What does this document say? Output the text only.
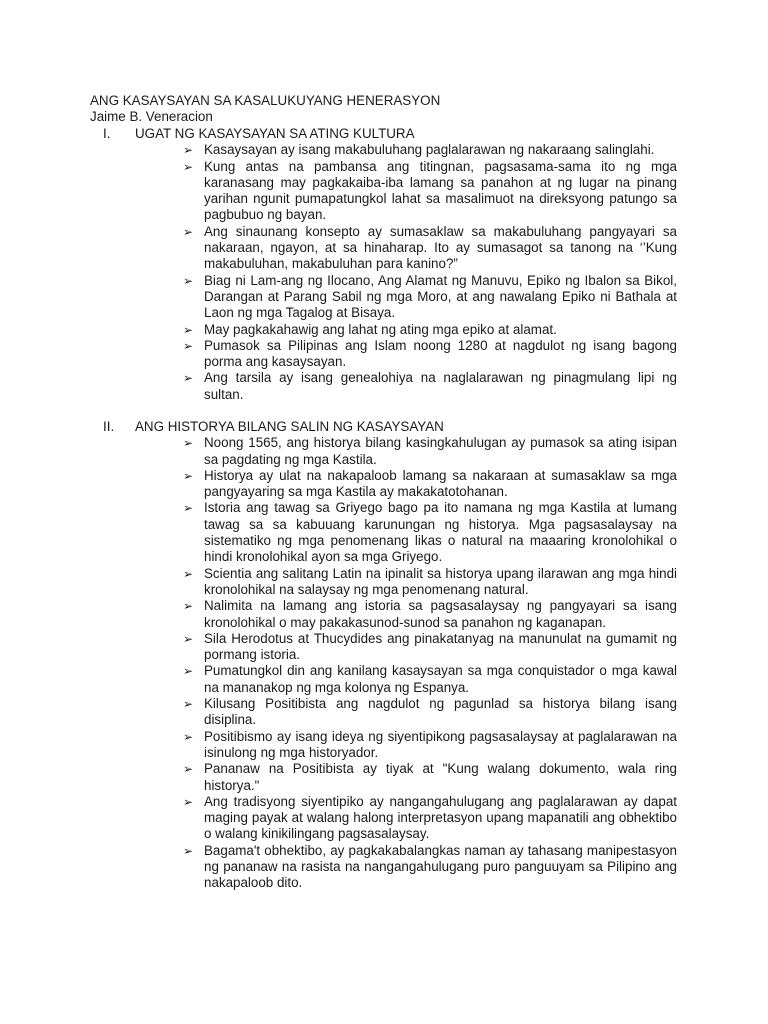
ANG KASAYSAYAN SA KASALUKUYANG HENERASYON
Jaime B. Veneracion
I. UGAT NG KASAYSAYAN SA ATING KULTURA
➢ Kasaysayan ay isang makabuluhang paglalarawan ng nakaraang salinglahi.
➢ Kung antas na pambansa ang titingnan, pagsasama-sama ito ng mga karanasang may pagkakaiba-iba lamang sa panahon at ng lugar na pinang yarihan ngunit pumapatungkol lahat sa masalimuot na direksyong patungo sa pagbubuo ng bayan.
➢ Ang sinaunang konsepto ay sumasaklaw sa makabuluhang pangyayari sa nakaraan, ngayon, at sa hinaharap. Ito ay sumasagot sa tanong na ‘’Kung makabuluhan, makabuluhan para kanino?”
➢ Biag ni Lam-ang ng Ilocano, Ang Alamat ng Manuvu, Epiko ng Ibalon sa Bikol, Darangan at Parang Sabil ng mga Moro, at ang nawalang Epiko ni Bathala at Laon ng mga Tagalog at Bisaya.
➢ May pagkakahawig ang lahat ng ating mga epiko at alamat.
➢ Pumasok sa Pilipinas ang Islam noong 1280 at nagdulot ng isang bagong porma ang kasaysayan.
➢ Ang tarsila ay isang genealohiya na naglalarawan ng pinagmulang lipi ng sultan.
II. ANG HISTORYA BILANG SALIN NG KASAYSAYAN
➢ Noong 1565, ang historya bilang kasingkahulugan ay pumasok sa ating isipan sa pagdating ng mga Kastila.
➢ Historya ay ulat na nakapaloob lamang sa nakaraan at sumasaklaw sa mga pangyayaring sa mga Kastila ay makakatotohanan.
➢ Istoria ang tawag sa Griyego bago pa ito namana ng mga Kastila at lumang tawag sa sa kabuuang karunungan ng historya. Mga pagsasalaysay na sistematiko ng mga penomenang likas o natural na maaaring kronolohikal o hindi kronolohikal ayon sa mga Griyego.
➢ Scientia ang salitang Latin na ipinalit sa historya upang ilarawan ang mga hindi kronolohikal na salaysay ng mga penomenang natural.
➢ Nalimita na lamang ang istoria sa pagsasalaysay ng pangyayari sa isang kronolohikal o may pakakasunod-sunod sa panahon ng kaganapan.
➢ Sila Herodotus at Thucydides ang pinakatanyag na manunulat na gumamit ng pormang istoria.
➢ Pumatungkol din ang kanilang kasaysayan sa mga conquistador o mga kawal na mananakop ng mga kolonya ng Espanya.
➢ Kilusang Positibista ang nagdulot ng pagunlad sa historya bilang isang disiplina.
➢ Positibismo ay isang ideya ng siyentipikong pagsasalaysay at paglalarawan na isinulong ng mga historyador.
➢ Pananaw na Positibista ay tiyak at "Kung walang dokumento, wala ring historya."
➢ Ang tradisyong siyentipiko ay nangangahulugang ang paglalarawan ay dapat maging payak at walang halong interpretasyon upang mapanatili ang obhektibo o walang kinikilingang pagsasalaysay.
➢ Bagama't obhektibo, ay pagkakabalangkas naman ay tahasang manipestasyon ng pananaw na rasista na nangangahulugang puro panguuyam sa Pilipino ang nakapaloob dito.
